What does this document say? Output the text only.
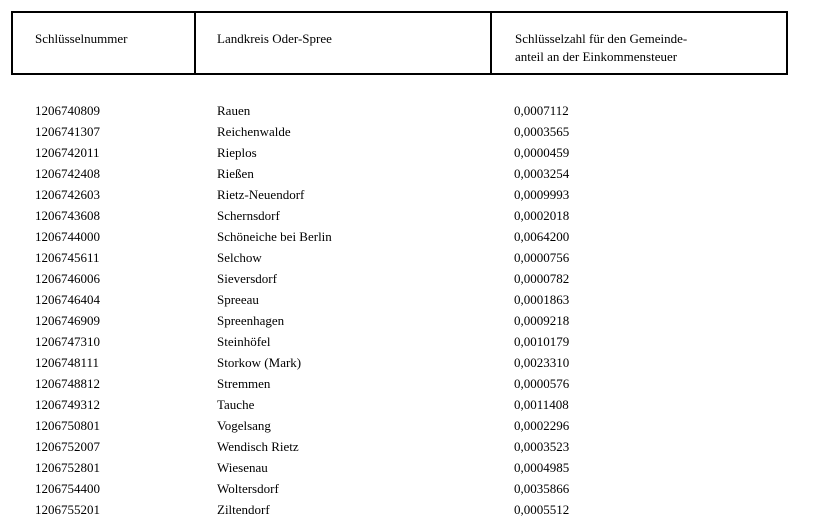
Schlüsselnummer	Landkreis Oder-Spree	Schlüsselzahl für den Gemeinde-
anteil an der Einkommensteuer
1206740809	Rauen	0,0007112
1206741307	Reichenwalde	0,0003565
1206742011	Rieplos	0,0000459
1206742408	Rießen	0,0003254
1206742603	Rietz-Neuendorf	0,0009993
1206743608	Schernsdorf	0,0002018
1206744000	Schöneiche bei Berlin	0,0064200
1206745611	Selchow	0,0000756
1206746006	Sieversdorf	0,0000782
1206746404	Spreeau	0,0001863
1206746909	Spreenhagen	0,0009218
1206747310	Steinhöfel	0,0010179
1206748111	Storkow (Mark)	0,0023310
1206748812	Stremmen	0,0000576
1206749312	Tauche	0,0011408
1206750801	Vogelsang	0,0002296
1206752007	Wendisch Rietz	0,0003523
1206752801	Wiesenau	0,0004985
1206754400	Woltersdorf	0,0035866
1206755201	Ziltendorf	0,0005512
